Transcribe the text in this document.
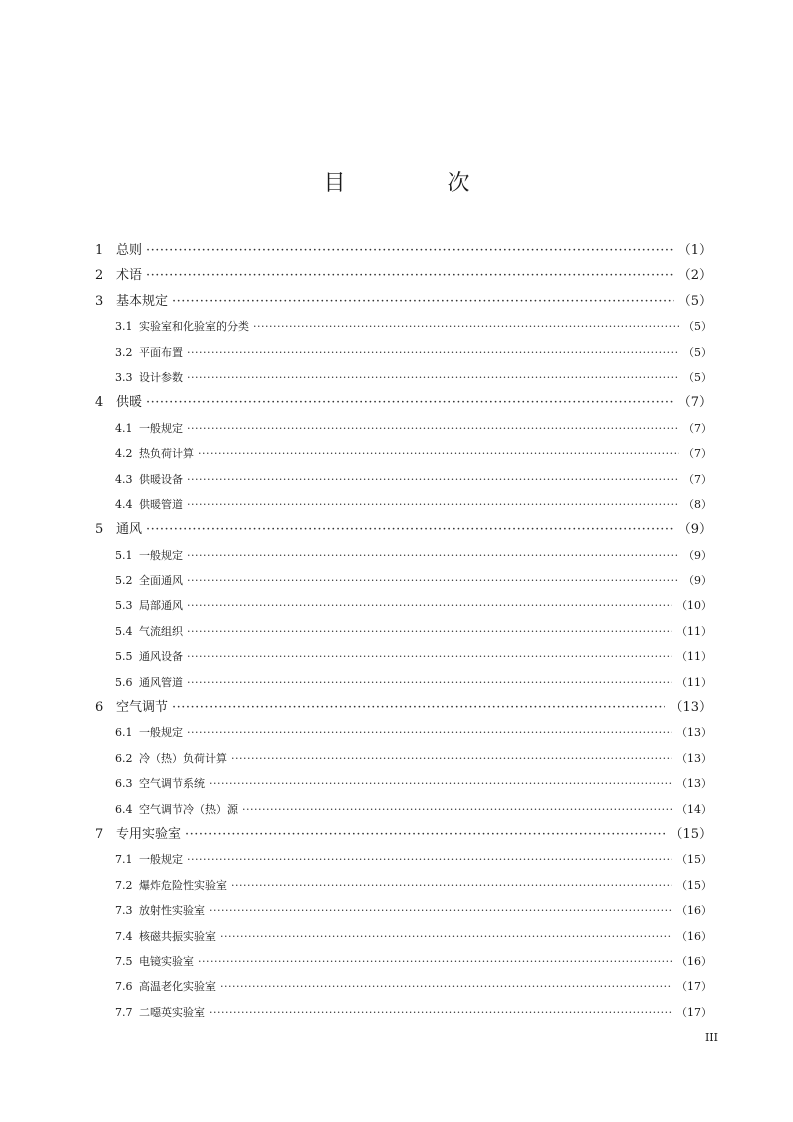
目　次
1 总则 ·····	（1）
2 术语 ·····	（2）
3 基本规定 ·····	（5）
3.1 实验室和化验室的分类 ·····	（5）
3.2 平面布置 ·····	（5）
3.3 设计参数 ·····	（5）
4 供暖 ·····	（7）
4.1 一般规定 ·····	（7）
4.2 热负荷计算 ·····	（7）
4.3 供暖设备 ·····	（7）
4.4 供暖管道 ·····	（8）
5 通风 ·····	（9）
5.1 一般规定 ·····	（9）
5.2 全面通风 ·····	（9）
5.3 局部通风 ·····	（10）
5.4 气流组织 ·····	（11）
5.5 通风设备 ·····	（11）
5.6 通风管道 ·····	（11）
6 空气调节 ·····	（13）
6.1 一般规定 ·····	（13）
6.2 冷（热）负荷计算 ·····	（13）
6.3 空气调节系统 ·····	（13）
6.4 空气调节冷（热）源 ·····	（14）
7 专用实验室 ·····	（15）
7.1 一般规定 ·····	（15）
7.2 爆炸危险性实验室 ·····	（15）
7.3 放射性实验室 ·····	（16）
7.4 核磁共振实验室 ·····	（16）
7.5 电镜实验室 ·····	（16）
7.6 高温老化实验室 ·····	（17）
7.7 二噁英实验室 ·····	（17）
III
